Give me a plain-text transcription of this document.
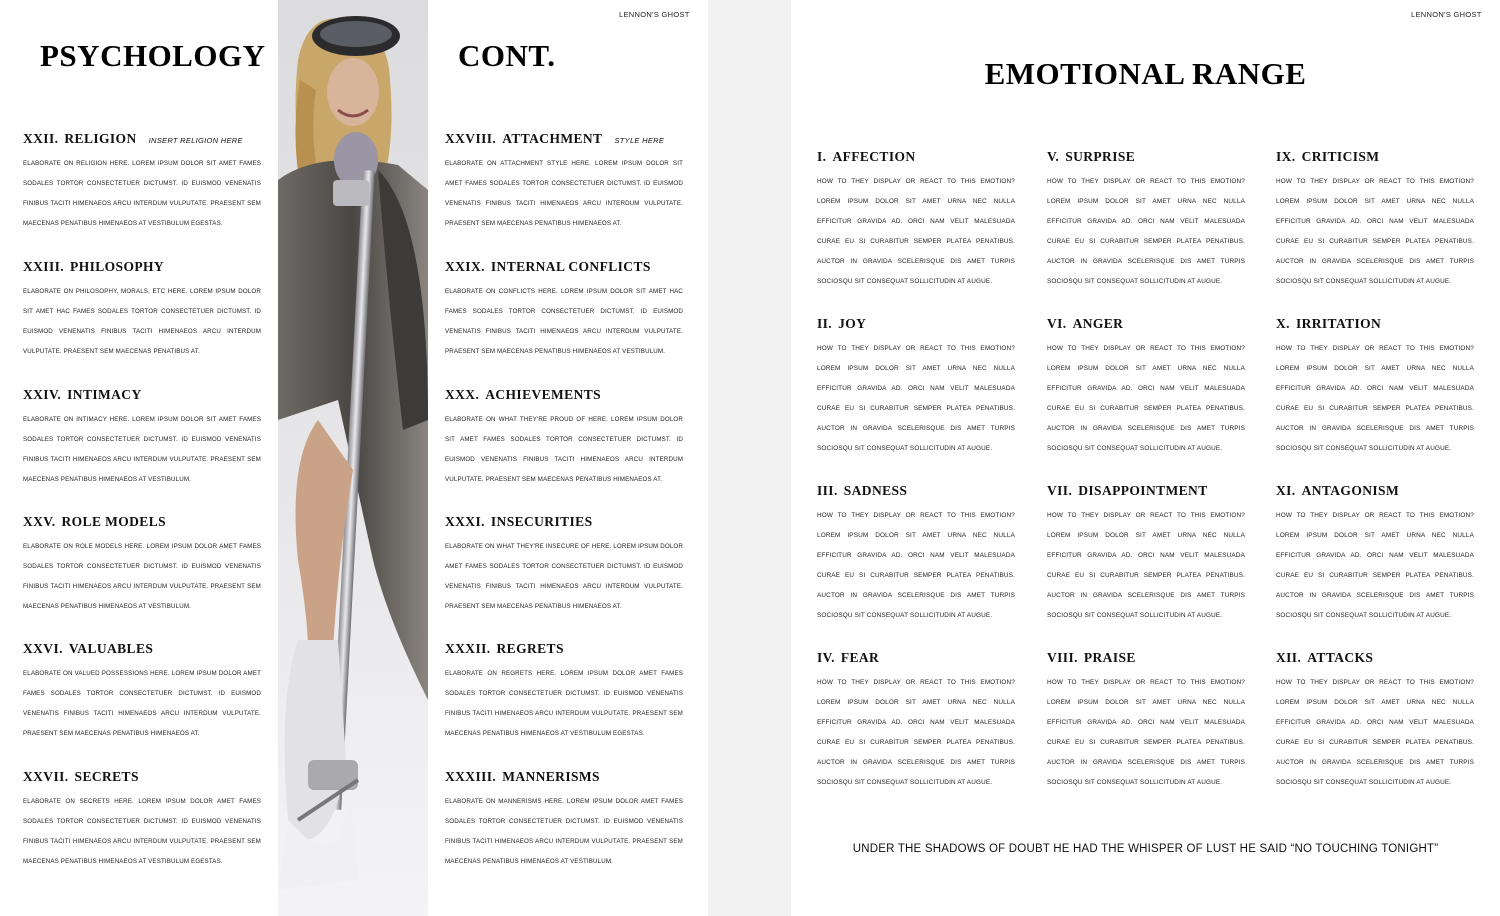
LENNON'S GHOST
PSYCHOLOGY	CONT.
XXII. RELIGION INSERT RELIGION HERE
ELABORATE ON RELIGION HERE. LOREM IPSUM DOLOR SIT AMET FAMES SODALES TORTOR CONSECTETUER DICTUMST. ID EUISMOD VENENATIS FINIBUS TACITI HIMENAEOS ARCU INTERDUM VULPUTATE. PRAESENT SEM MAECENAS PENATIBUS HIMENAEOS AT VESTIBULUM EGESTAS.
XXIII. PHILOSOPHY
ELABORATE ON PHILOSOPHY, MORALS, ETC HERE. LOREM IPSUM DOLOR SIT AMET HAC FAMES SODALES TORTOR CONSECTETUER DICTUMST. ID EUISMOD VENENATIS FINIBUS TACITI HIMENAEOS ARCU INTERDUM VULPUTATE. PRAESENT SEM MAECENAS PENATIBUS AT.
XXIV. INTIMACY
ELABORATE ON INTIMACY HERE. LOREM IPSUM DOLOR SIT AMET FAMES SODALES TORTOR CONSECTETUER DICTUMST. ID EUISMOD VENENATIS FINIBUS TACITI HIMENAEOS ARCU INTERDUM VULPUTATE. PRAESENT SEM MAECENAS PENATIBUS HIMENAEOS AT VESTIBULUM.
XXV. ROLE MODELS
ELABORATE ON ROLE MODELS HERE. LOREM IPSUM DOLOR AMET FAMES SODALES TORTOR CONSECTETUER DICTUMST. ID EUISMOD VENENATIS FINIBUS TACITI HIMENAEOS ARCU INTERDUM VULPUTATE. PRAESENT SEM MAECENAS PENATIBUS HIMENAEOS AT VESTIBULUM.
XXVI. VALUABLES
ELABORATE ON VALUED POSSESSIONS HERE. LOREM IPSUM DOLOR AMET FAMES SODALES TORTOR CONSECTETUER DICTUMST. ID EUISMOD VENENATIS FINIBUS TACITI HIMENAEOS ARCU INTERDUM VULPUTATE. PRAESENT SEM MAECENAS PENATIBUS HIMENAEOS AT.
XXVII. SECRETS
ELABORATE ON SECRETS HERE. LOREM IPSUM DOLOR AMET FAMES SODALES TORTOR CONSECTETUER DICTUMST. ID EUISMOD VENENATIS FINIBUS TACITI HIMENAEOS ARCU INTERDUM VULPUTATE. PRAESENT SEM MAECENAS PENATIBUS HIMENAEOS AT VESTIBULUM EGESTAS.
XXVIII. ATTACHMENT STYLE HERE
ELABORATE ON ATTACHMENT STYLE HERE. LOREM IPSUM DOLOR SIT AMET FAMES SODALES TORTOR CONSECTETUER DICTUMST. ID EUISMOD VENENATIS FINIBUS TACITI HIMENAEOS ARCU INTERDUM VULPUTATE. PRAESENT SEM MAECENAS PENATIBUS HIMENAEOS AT.
XXIX. INTERNAL CONFLICTS
ELABORATE ON CONFLICTS HERE. LOREM IPSUM DOLOR SIT AMET HAC FAMES SODALES TORTOR CONSECTETUER DICTUMST. ID EUISMOD VENENATIS FINIBUS TACITI HIMENAEOS ARCU INTERDUM VULPUTATE. PRAESENT SEM MAECENAS PENATIBUS HIMENAEOS AT VESTIBULUM.
XXX. ACHIEVEMENTS
ELABORATE ON WHAT THEY'RE PROUD OF HERE. LOREM IPSUM DOLOR SIT AMET FAMES SODALES TORTOR CONSECTETUER DICTUMST. ID EUISMOD VENENATIS FINIBUS TACITI HIMENAEOS ARCU INTERDUM VULPUTATE. PRAESENT SEM MAECENAS PENATIBUS HIMENAEOS AT.
XXXI. INSECURITIES
ELABORATE ON WHAT THEY'RE INSECURE OF HERE. LOREM IPSUM DOLOR AMET FAMES SODALES TORTOR CONSECTETUER DICTUMST. ID EUISMOD VENENATIS FINIBUS TACITI HIMENAEOS ARCU INTERDUM VULPUTATE. PRAESENT SEM MAECENAS PENATIBUS HIMENAEOS AT.
XXXII. REGRETS
ELABORATE ON REGRETS HERE. LOREM IPSUM DOLOR AMET FAMES SODALES TORTOR CONSECTETUER DICTUMST. ID EUISMOD VENENATIS FINIBUS TACITI HIMENAEOS ARCU INTERDUM VULPUTATE. PRAESENT SEM MAECENAS PENATIBUS HIMENAEOS AT VESTIBULUM EGESTAS.
XXXIII. MANNERISMS
ELABORATE ON MANNERISMS HERE. LOREM IPSUM DOLOR AMET FAMES SODALES TORTOR CONSECTETUER DICTUMST. ID EUISMOD VENENATIS FINIBUS TACITI HIMENAEOS ARCU INTERDUM VULPUTATE. PRAESENT SEM MAECENAS PENATIBUS HIMENAEOS AT VESTIBULUM.
LENNON'S GHOST
EMOTIONAL RANGE
I. AFFECTION
HOW TO THEY DISPLAY OR REACT TO THIS EMOTION? LOREM IPSUM DOLOR SIT AMET URNA NEC NULLA EFFICITUR GRAVIDA AD. ORCI NAM VELIT MALESUADA CURAE EU SI CURABITUR SEMPER PLATEA PENATIBUS. AUCTOR IN GRAVIDA SCELERISQUE DIS AMET TURPIS SOCIOSQU SIT CONSEQUAT SOLLICITUDIN AT AUGUE.
II. JOY
HOW TO THEY DISPLAY OR REACT TO THIS EMOTION? LOREM IPSUM DOLOR SIT AMET URNA NEC NULLA EFFICITUR GRAVIDA AD. ORCI NAM VELIT MALESUADA CURAE EU SI CURABITUR SEMPER PLATEA PENATIBUS. AUCTOR IN GRAVIDA SCELERISQUE DIS AMET TURPIS SOCIOSQU SIT CONSEQUAT SOLLICITUDIN AT AUGUE.
III. SADNESS
HOW TO THEY DISPLAY OR REACT TO THIS EMOTION? LOREM IPSUM DOLOR SIT AMET URNA NEC NULLA EFFICITUR GRAVIDA AD. ORCI NAM VELIT MALESUADA CURAE EU SI CURABITUR SEMPER PLATEA PENATIBUS. AUCTOR IN GRAVIDA SCELERISQUE DIS AMET TURPIS SOCIOSQU SIT CONSEQUAT SOLLICITUDIN AT AUGUE.
IV. FEAR
HOW TO THEY DISPLAY OR REACT TO THIS EMOTION? LOREM IPSUM DOLOR SIT AMET URNA NEC NULLA EFFICITUR GRAVIDA AD. ORCI NAM VELIT MALESUADA CURAE EU SI CURABITUR SEMPER PLATEA PENATIBUS. AUCTOR IN GRAVIDA SCELERISQUE DIS AMET TURPIS SOCIOSQU SIT CONSEQUAT SOLLICITUDIN AT AUGUE.
V. SURPRISE
HOW TO THEY DISPLAY OR REACT TO THIS EMOTION? LOREM IPSUM DOLOR SIT AMET URNA NEC NULLA EFFICITUR GRAVIDA AD. ORCI NAM VELIT MALESUADA CURAE EU SI CURABITUR SEMPER PLATEA PENATIBUS. AUCTOR IN GRAVIDA SCELERISQUE DIS AMET TURPIS SOCIOSQU SIT CONSEQUAT SOLLICITUDIN AT AUGUE.
VI. ANGER
HOW TO THEY DISPLAY OR REACT TO THIS EMOTION? LOREM IPSUM DOLOR SIT AMET URNA NEC NULLA EFFICITUR GRAVIDA AD. ORCI NAM VELIT MALESUADA CURAE EU SI CURABITUR SEMPER PLATEA PENATIBUS. AUCTOR IN GRAVIDA SCELERISQUE DIS AMET TURPIS SOCIOSQU SIT CONSEQUAT SOLLICITUDIN AT AUGUE.
VII. DISAPPOINTMENT
HOW TO THEY DISPLAY OR REACT TO THIS EMOTION? LOREM IPSUM DOLOR SIT AMET URNA NEC NULLA EFFICITUR GRAVIDA AD. ORCI NAM VELIT MALESUADA CURAE EU SI CURABITUR SEMPER PLATEA PENATIBUS. AUCTOR IN GRAVIDA SCELERISQUE DIS AMET TURPIS SOCIOSQU SIT CONSEQUAT SOLLICITUDIN AT AUGUE.
VIII. PRAISE
HOW TO THEY DISPLAY OR REACT TO THIS EMOTION? LOREM IPSUM DOLOR SIT AMET URNA NEC NULLA EFFICITUR GRAVIDA AD. ORCI NAM VELIT MALESUADA CURAE EU SI CURABITUR SEMPER PLATEA PENATIBUS. AUCTOR IN GRAVIDA SCELERISQUE DIS AMET TURPIS SOCIOSQU SIT CONSEQUAT SOLLICITUDIN AT AUGUE.
IX. CRITICISM
HOW TO THEY DISPLAY OR REACT TO THIS EMOTION? LOREM IPSUM DOLOR SIT AMET URNA NEC NULLA EFFICITUR GRAVIDA AD. ORCI NAM VELIT MALESUADA CURAE EU SI CURABITUR SEMPER PLATEA PENATIBUS. AUCTOR IN GRAVIDA SCELERISQUE DIS AMET TURPIS SOCIOSQU SIT CONSEQUAT SOLLICITUDIN AT AUGUE.
X. IRRITATION
HOW TO THEY DISPLAY OR REACT TO THIS EMOTION? LOREM IPSUM DOLOR SIT AMET URNA NEC NULLA EFFICITUR GRAVIDA AD. ORCI NAM VELIT MALESUADA CURAE EU SI CURABITUR SEMPER PLATEA PENATIBUS. AUCTOR IN GRAVIDA SCELERISQUE DIS AMET TURPIS SOCIOSQU SIT CONSEQUAT SOLLICITUDIN AT AUGUE.
XI. ANTAGONISM
HOW TO THEY DISPLAY OR REACT TO THIS EMOTION? LOREM IPSUM DOLOR SIT AMET URNA NEC NULLA EFFICITUR GRAVIDA AD. ORCI NAM VELIT MALESUADA CURAE EU SI CURABITUR SEMPER PLATEA PENATIBUS. AUCTOR IN GRAVIDA SCELERISQUE DIS AMET TURPIS SOCIOSQU SIT CONSEQUAT SOLLICITUDIN AT AUGUE.
XII. ATTACKS
HOW TO THEY DISPLAY OR REACT TO THIS EMOTION? LOREM IPSUM DOLOR SIT AMET URNA NEC NULLA EFFICITUR GRAVIDA AD. ORCI NAM VELIT MALESUADA CURAE EU SI CURABITUR SEMPER PLATEA PENATIBUS. AUCTOR IN GRAVIDA SCELERISQUE DIS AMET TURPIS SOCIOSQU SIT CONSEQUAT SOLLICITUDIN AT AUGUE.
UNDER THE SHADOWS OF DOUBT HE HAD THE WHISPER OF LUST HE SAID “NO TOUCHING TONIGHT”
